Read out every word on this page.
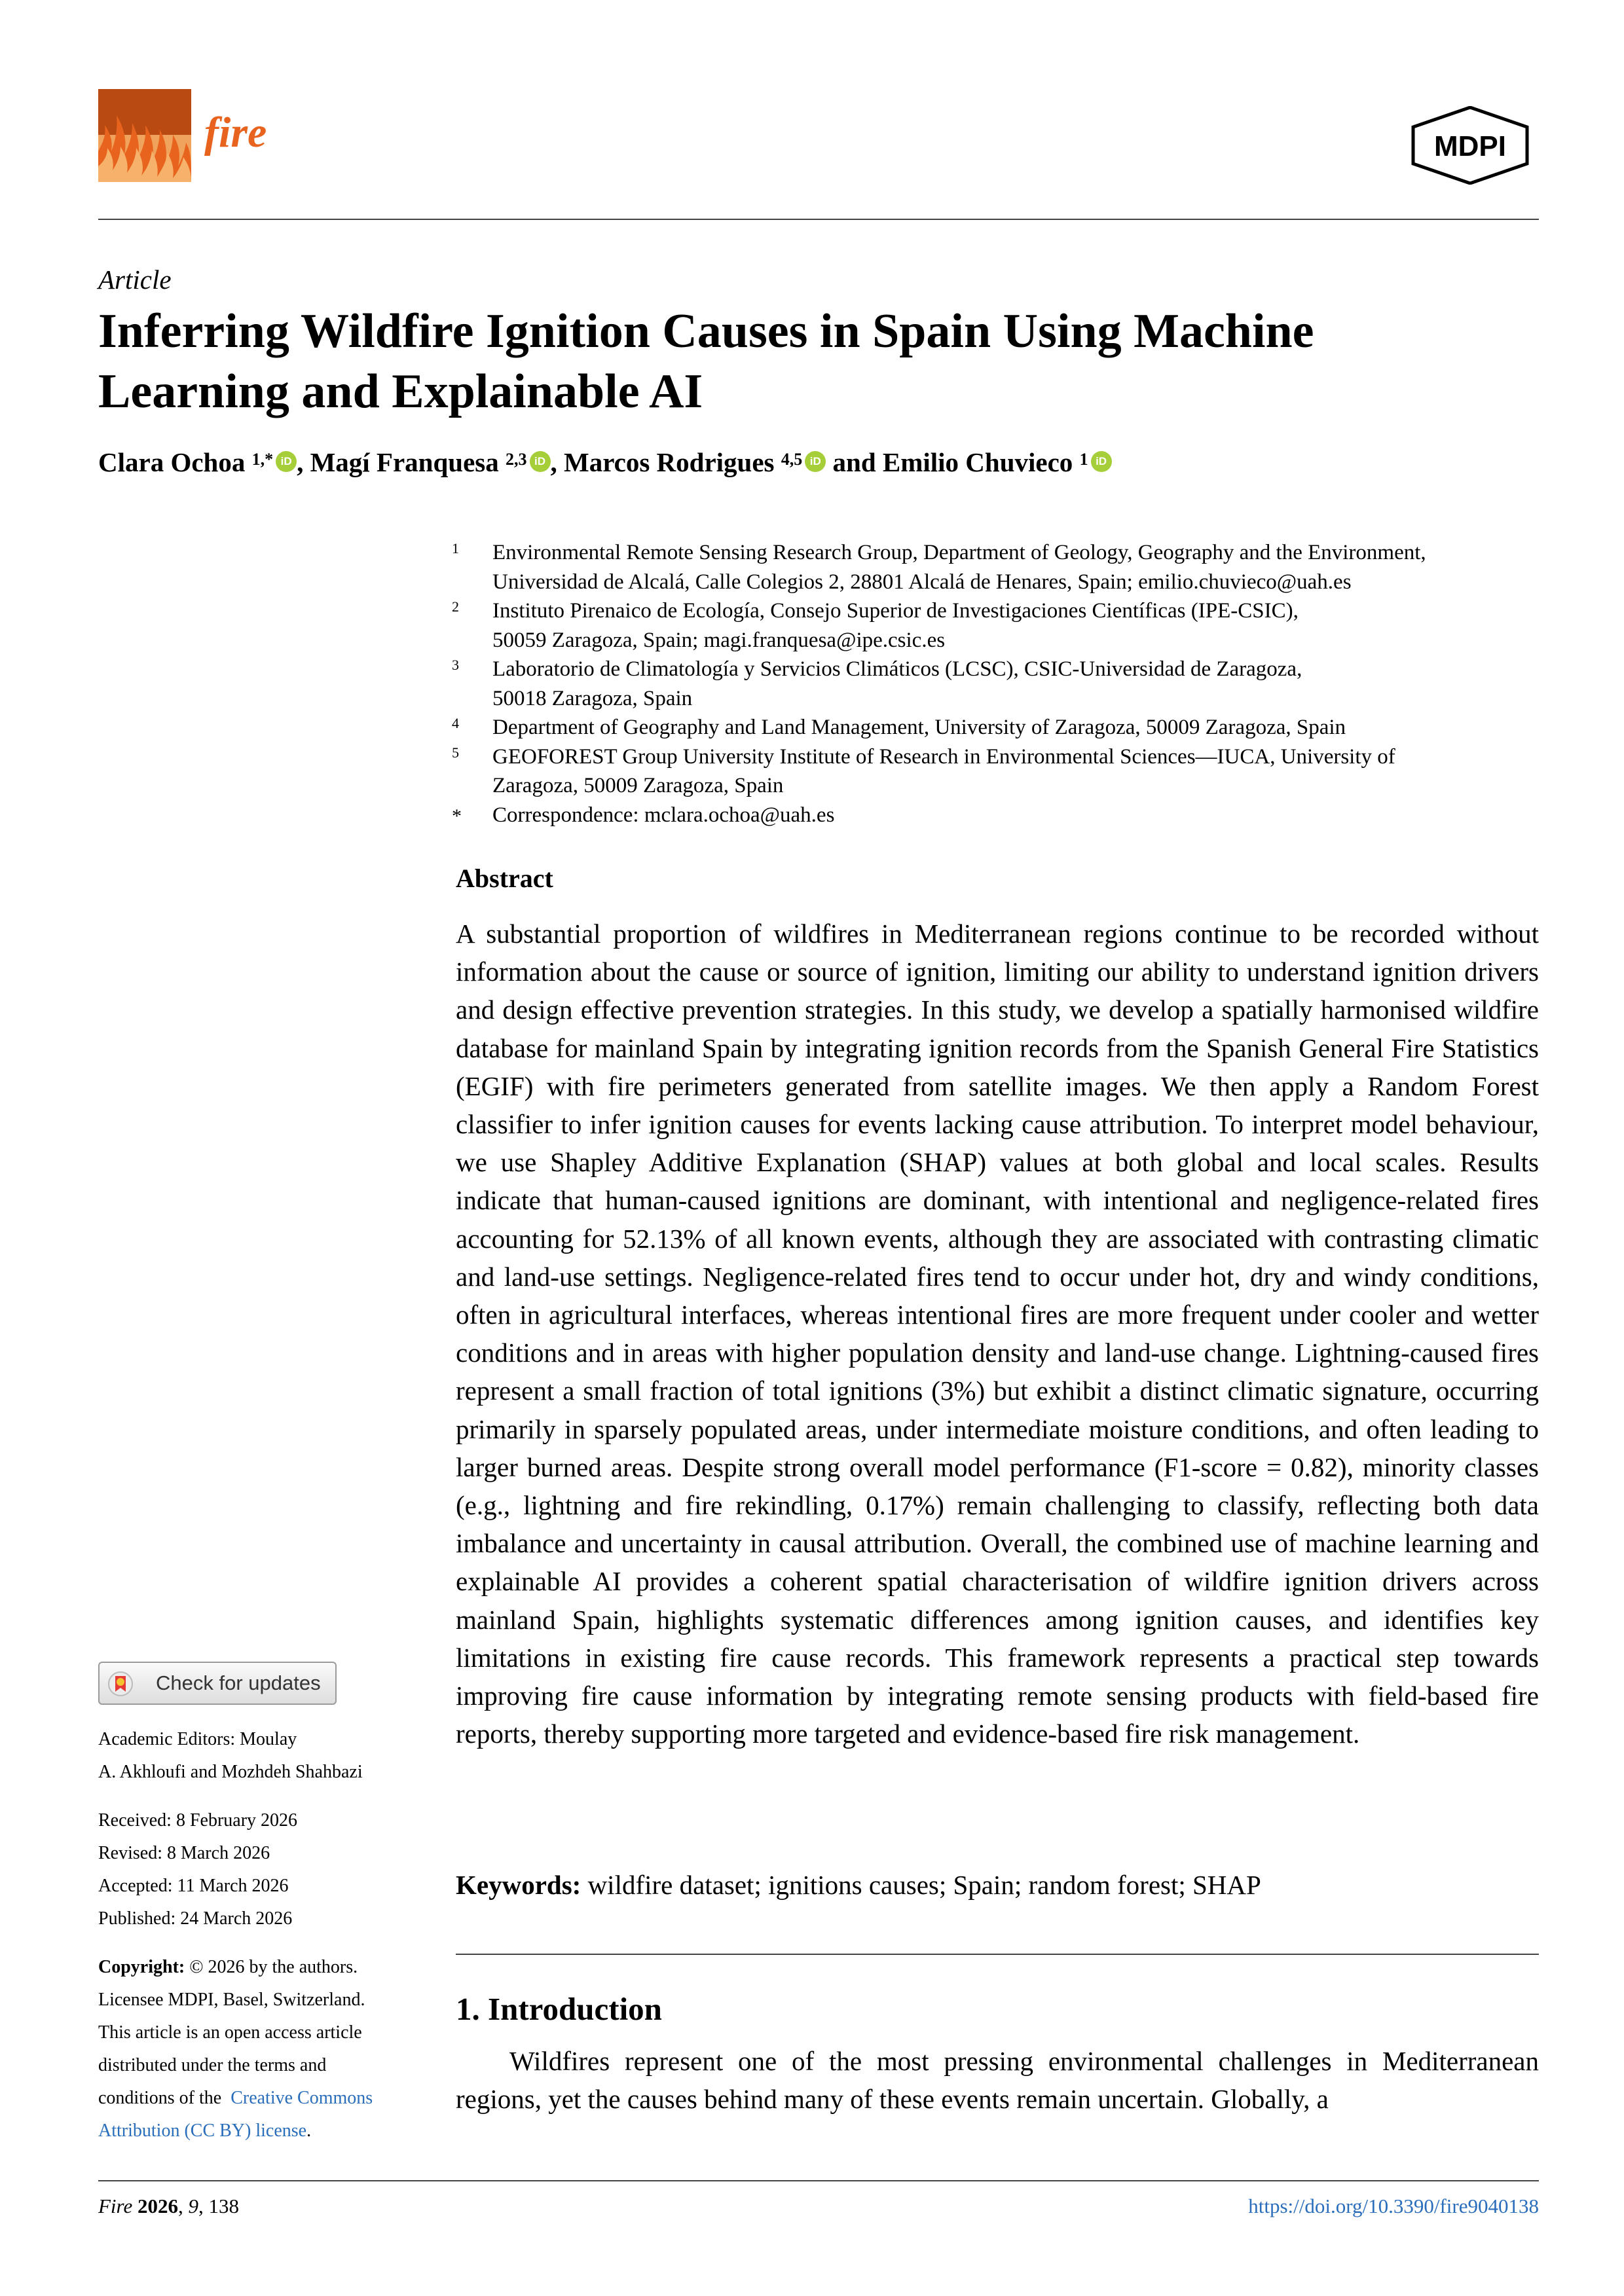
fire	MDPI
Article
Inferring Wildfire Ignition Causes in Spain Using Machine
Learning and Explainable AI
Clara Ochoa $^{1,*}$ iD , Magí Franquesa $^{2,3}$ iD , Marcos Rodrigues $^{4,5}$ iD and Emilio Chuvieco $^1$ iD
1 Environmental Remote Sensing Research Group, Department of Geology, Geography and the Environment,
Universidad de Alcalá, Calle Colegios 2, 28801 Alcalá de Henares, Spain; emilio.chuvieco@uah.es
2 Instituto Pirenaico de Ecología, Consejo Superior de Investigaciones Científicas (IPE-CSIC),
50059 Zaragoza, Spain; magi.franquesa@ipe.csic.es
3 Laboratorio de Climatología y Servicios Climáticos (LCSC), CSIC-Universidad de Zaragoza,
50018 Zaragoza, Spain
4 Department of Geography and Land Management, University of Zaragoza, 50009 Zaragoza, Spain
5 GEOFOREST Group University Institute of Research in Environmental Sciences—IUCA, University of
Zaragoza, 50009 Zaragoza, Spain
* Correspondence: mclara.ochoa@uah.es
Abstract
A substantial proportion of wildfires in Mediterranean regions continue to be recorded without information about the cause or source of ignition, limiting our ability to understand ignition drivers and design effective prevention strategies. In this study, we develop a spatially harmonised wildfire database for mainland Spain by integrating ignition records from the Spanish General Fire Statistics (EGIF) with fire perimeters generated from satellite images. We then apply a Random Forest classifier to infer ignition causes for events lacking cause attribution. To interpret model behaviour, we use Shapley Additive Explanation (SHAP) values at both global and local scales. Results indicate that human-caused ignitions are dominant, with intentional and negligence-related fires accounting for 52.13% of all known events, although they are associated with contrasting climatic and land-use settings. Negligence-related fires tend to occur under hot, dry and windy conditions, often in agricultural interfaces, whereas intentional fires are more frequent under cooler and wetter conditions and in areas with higher population density and land-use change. Lightning-caused fires represent a small fraction of total ignitions (3%) but exhibit a distinct climatic signature, occurring primarily in sparsely populated areas, under intermediate moisture conditions, and often leading to larger burned areas. Despite strong overall model performance (F1-score = 0.82), minority classes (e.g., lightning and fire rekindling, 0.17%) remain challenging to classify, reflecting both data imbalance and uncertainty in causal attribution. Overall, the combined use of machine learning and explainable AI provides a coherent spatial characterisation of wildfire ignition drivers across mainland Spain, highlights systematic differences among ignition causes, and identifies key limitations in existing fire cause records. This framework represents a practical step towards improving fire cause information by integrating remote sensing products with field-based fire reports, thereby supporting more targeted and evidence-based fire risk management.
Keywords: wildfire dataset; ignitions causes; Spain; random forest; SHAP
1. Introduction
Wildfires represent one of the most pressing environmental challenges in Mediterranean regions, yet the causes behind many of these events remain uncertain. Globally, a
Check for updates
Academic Editors: Moulay
A. Akhloufi and Mozhdeh Shahbazi
Received: 8 February 2026
Revised: 8 March 2026
Accepted: 11 March 2026
Published: 24 March 2026
Copyright: © 2026 by the authors.
Licensee MDPI, Basel, Switzerland.
This article is an open access article
distributed under the terms and
conditions of the Creative Commons
Attribution (CC BY) license.
Fire 2026, 9, 138	https://doi.org/10.3390/fire9040138
